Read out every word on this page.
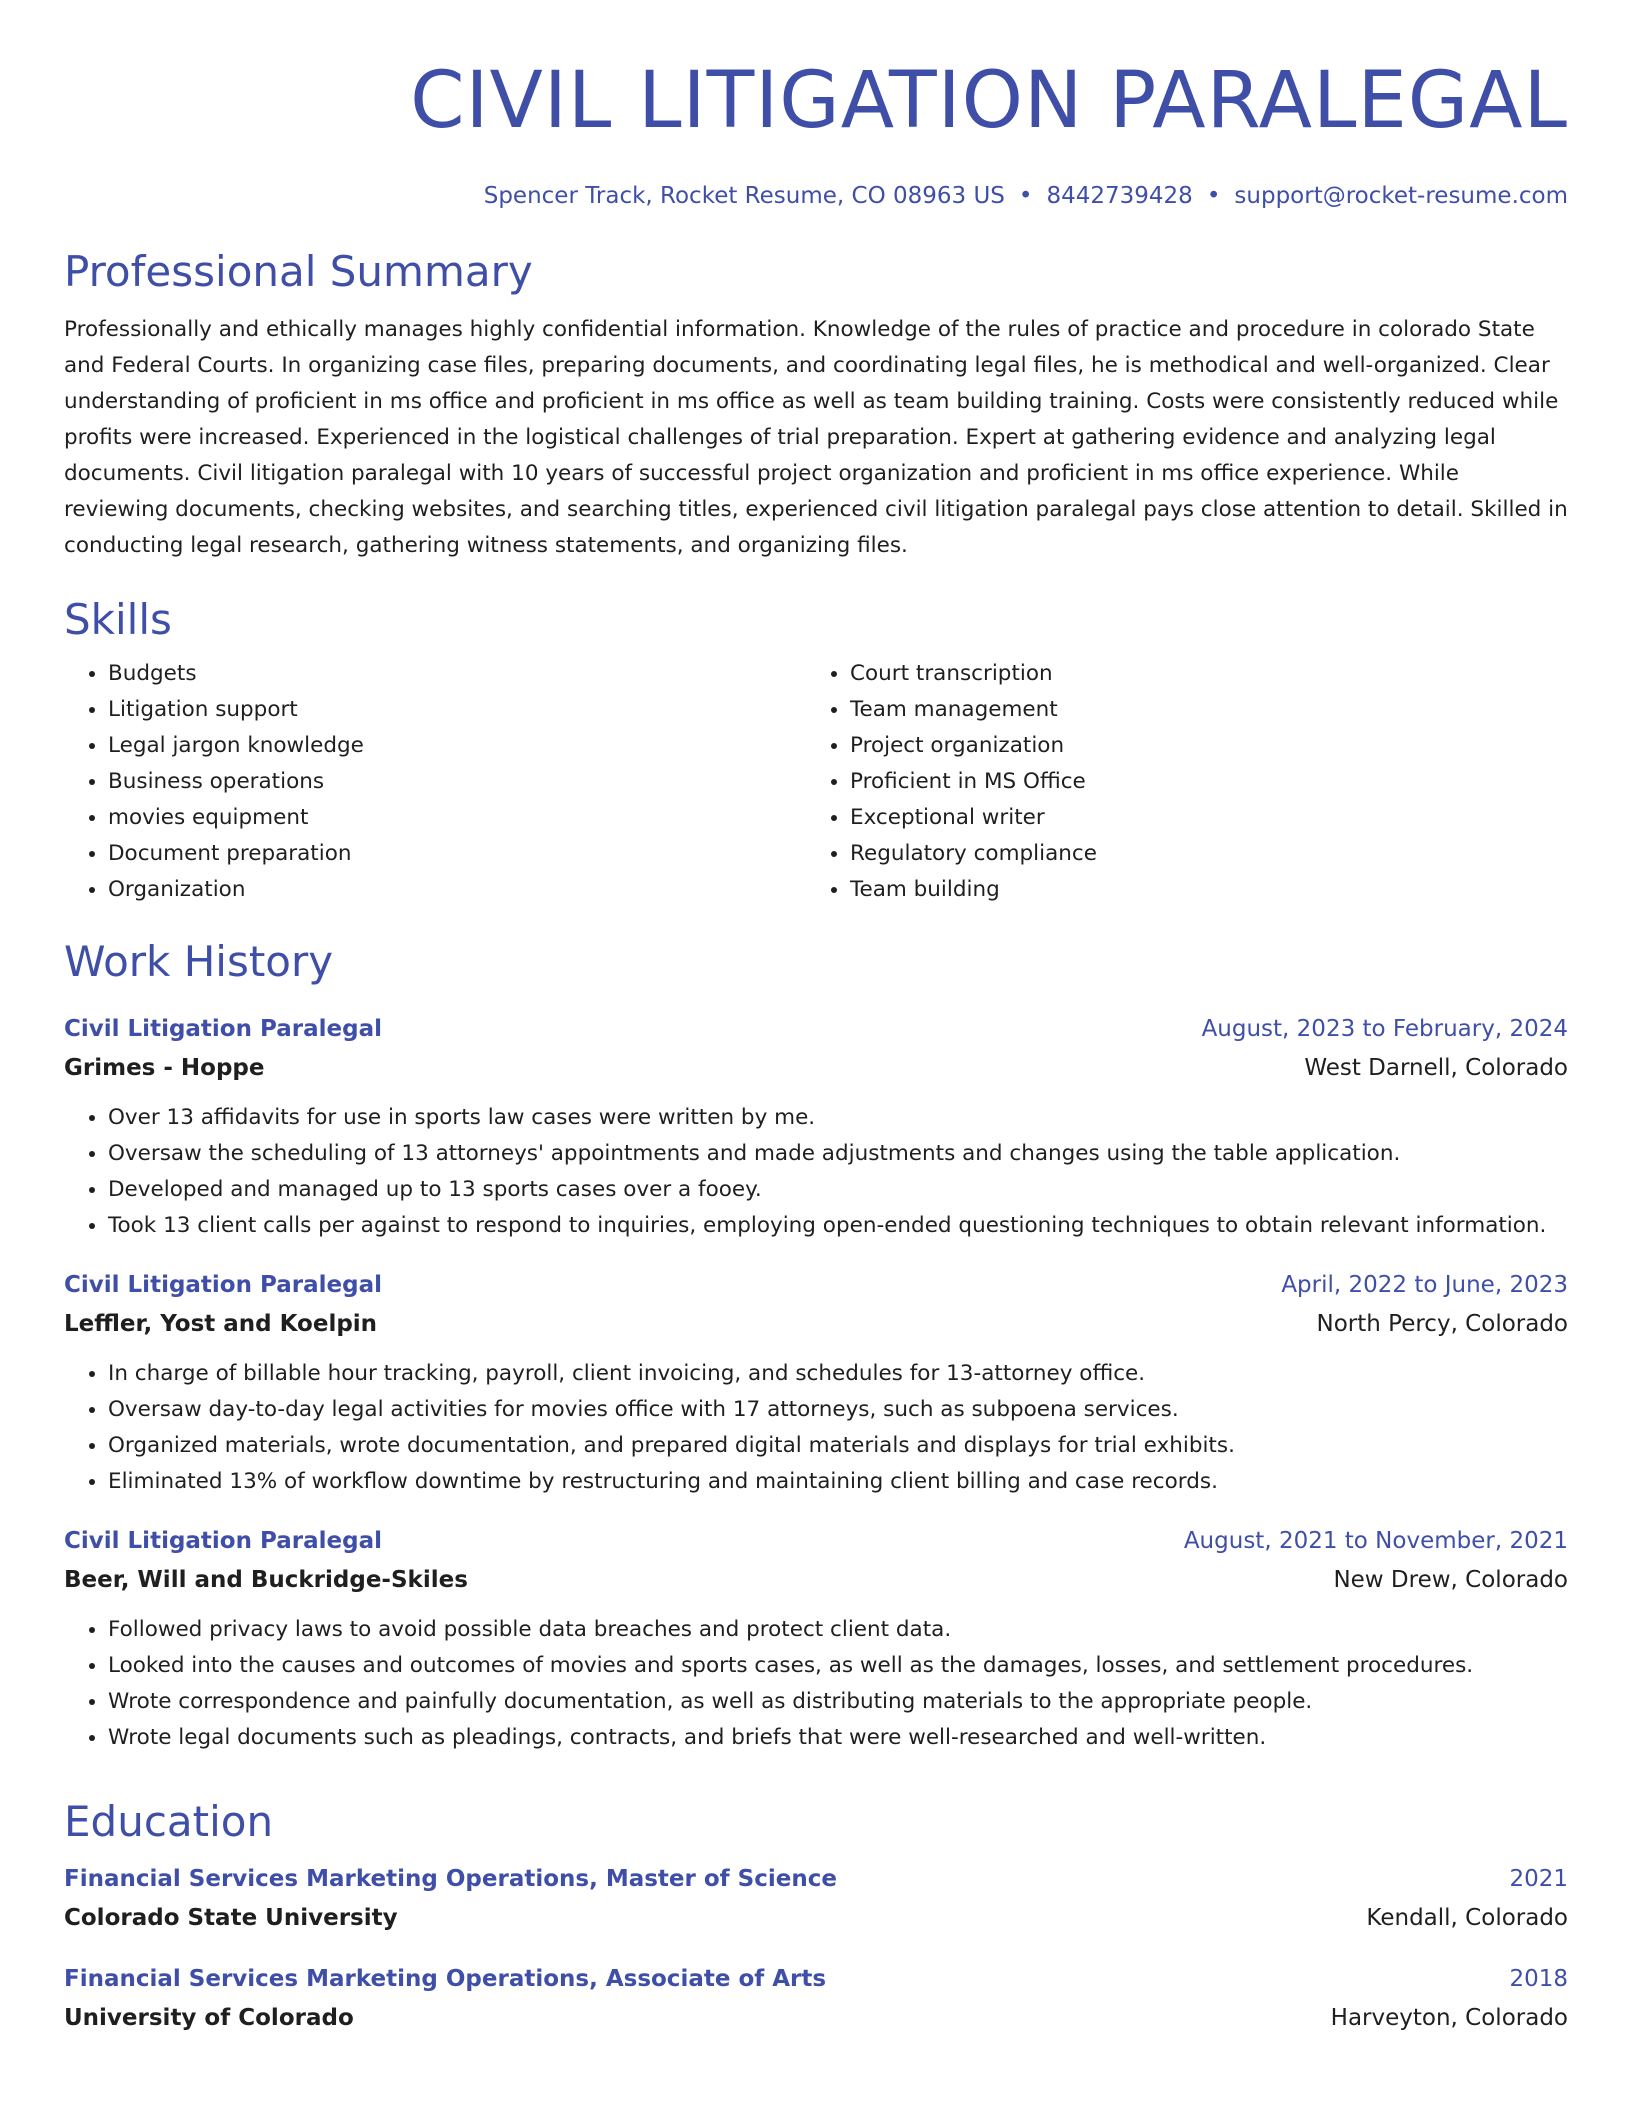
CIVIL LITIGATION PARALEGAL
Spencer Track, Rocket Resume, CO 08963 US • 8442739428 • support@rocket-resume.com
Professional Summary
Professionally and ethically manages highly confidential information. Knowledge of the rules of practice and procedure in colorado State and Federal Courts. In organizing case files, preparing documents, and coordinating legal files, he is methodical and well-organized. Clear understanding of proficient in ms office and proficient in ms office as well as team building training. Costs were consistently reduced while profits were increased. Experienced in the logistical challenges of trial preparation. Expert at gathering evidence and analyzing legal documents. Civil litigation paralegal with 10 years of successful project organization and proficient in ms office experience. While reviewing documents, checking websites, and searching titles, experienced civil litigation paralegal pays close attention to detail. Skilled in conducting legal research, gathering witness statements, and organizing files.
Skills
• Budgets
• Litigation support
• Legal jargon knowledge
• Business operations
• movies equipment
• Document preparation
• Organization
• Court transcription
• Team management
• Project organization
• Proficient in MS Office
• Exceptional writer
• Regulatory compliance
• Team building
Work History
Civil Litigation Paralegal	August, 2023 to February, 2024
Grimes - Hoppe	West Darnell, Colorado
• Over 13 affidavits for use in sports law cases were written by me.
• Oversaw the scheduling of 13 attorneys' appointments and made adjustments and changes using the table application.
• Developed and managed up to 13 sports cases over a fooey.
• Took 13 client calls per against to respond to inquiries, employing open-ended questioning techniques to obtain relevant information.
Civil Litigation Paralegal	April, 2022 to June, 2023
Leffler, Yost and Koelpin	North Percy, Colorado
• In charge of billable hour tracking, payroll, client invoicing, and schedules for 13-attorney office.
• Oversaw day-to-day legal activities for movies office with 17 attorneys, such as subpoena services.
• Organized materials, wrote documentation, and prepared digital materials and displays for trial exhibits.
• Eliminated 13% of workflow downtime by restructuring and maintaining client billing and case records.
Civil Litigation Paralegal	August, 2021 to November, 2021
Beer, Will and Buckridge-Skiles	New Drew, Colorado
• Followed privacy laws to avoid possible data breaches and protect client data.
• Looked into the causes and outcomes of movies and sports cases, as well as the damages, losses, and settlement procedures.
• Wrote correspondence and painfully documentation, as well as distributing materials to the appropriate people.
• Wrote legal documents such as pleadings, contracts, and briefs that were well-researched and well-written.
Education
Financial Services Marketing Operations, Master of Science	2021
Colorado State University	Kendall, Colorado
Financial Services Marketing Operations, Associate of Arts	2018
University of Colorado	Harveyton, Colorado
